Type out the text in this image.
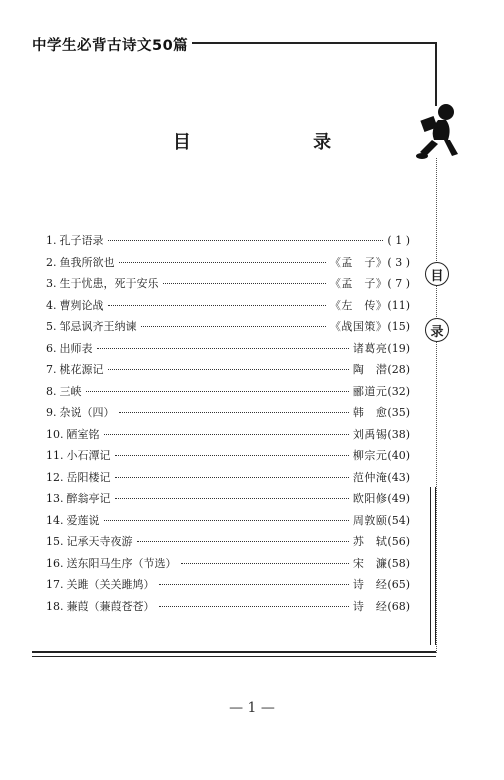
中学生必背古诗文50篇
目 录
目
录
1. 孔子语录	( 1 )
2. 鱼我所欲也	《孟　子》 ( 3 )
3. 生于忧患，死于安乐	《孟　子》 ( 7 )
4. 曹刿论战	《左　传》 (11)
5. 邹忌讽齐王纳谏	《战国策》 (15)
6. 出师表	诸葛亮 (19)
7. 桃花源记	陶　潜 (28)
8. 三峡	郦道元 (32)
9. 杂说（四）	韩　愈 (35)
10. 陋室铭	刘禹锡 (38)
11. 小石潭记	柳宗元 (40)
12. 岳阳楼记	范仲淹 (43)
13. 醉翁亭记	欧阳修 (49)
14. 爱莲说	周敦颐 (54)
15. 记承天寺夜游	苏　轼 (56)
16. 送东阳马生序（节选）	宋　濂 (58)
17. 关雎（关关雎鸠）	诗　经 (65)
18. 蒹葭（蒹葭苍苍）	诗　经 (68)
— 1 —
